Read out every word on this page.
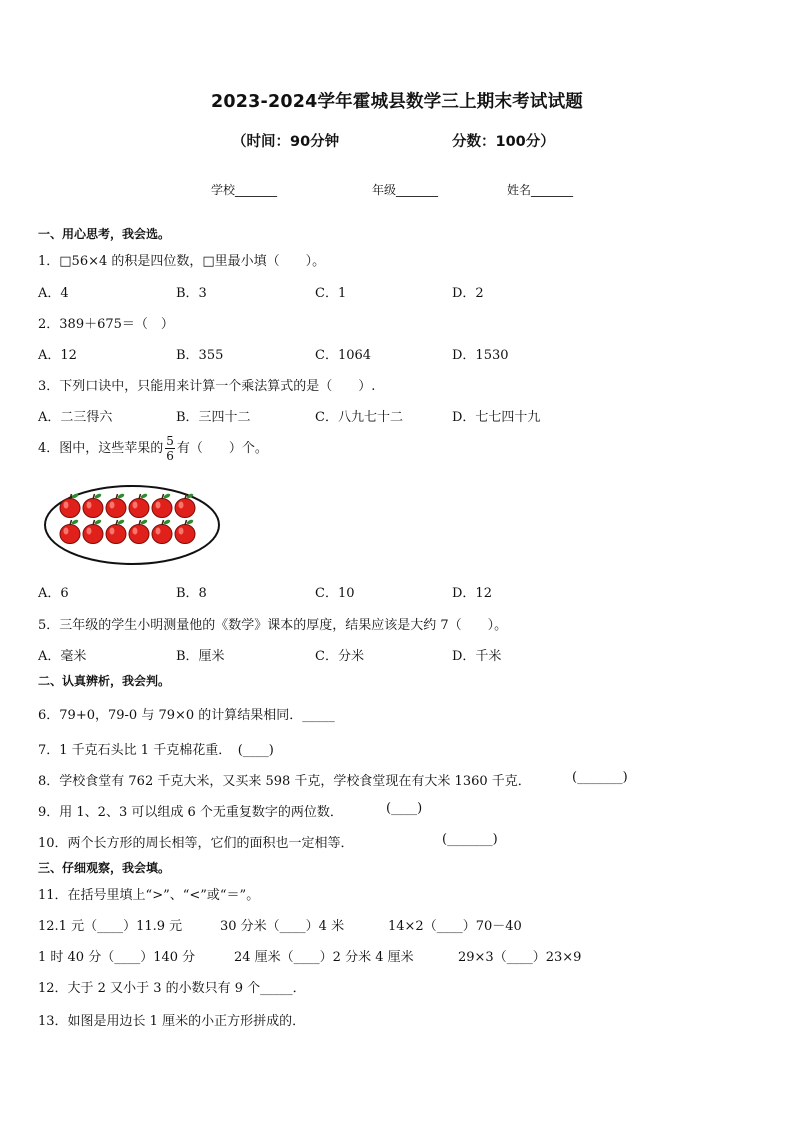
2023-2024学年霍城县数学三上期末考试试题
（时间：90分钟	分数：100分）
学校_______	年级_______	姓名_______
一、用心思考，我会选。
1．□56×4 的积是四位数，□里最小填（　　）。
A．4	B．3	C．1	D．2
2．389＋675＝（　）
A．12	B．355	C．1064	D．1530
3．下列口诀中，只能用来计算一个乘法算式的是（　　）.
A．二三得六	B．三四十二	C．八九七十二	D．七七四十九
4．图中，这些苹果的 $\frac{5}{6}$ 有（　　）个。
A．6	B．8	C．10	D．12
5．三年级的学生小明测量他的《数学》课本的厚度，结果应该是大约 7（　　）。
A．毫米	B．厘米	C．分米	D．千米
二、认真辨析，我会判。
6．79+0，79-0 与 79×0 的计算结果相同．_____
7．1 千克石头比 1 千克棉花重．　(____)
8．学校食堂有 762 千克大米，又买来 598 千克，学校食堂现在有大米 1360 千克．	(_______)
9．用 1、2、3 可以组成 6 个无重复数字的两位数．	(____)
10．两个长方形的周长相等，它们的面积也一定相等．	(_______)
三、仔细观察，我会填。
11．在括号里填上“>”、“<”或“＝”。
12.1 元（____）11.9 元	30 分米（____）4 米	14×2（____）70－40
1 时 40 分（____）140 分	24 厘米（____）2 分米 4 厘米	29×3（____）23×9
12．大于 2 又小于 3 的小数只有 9 个_____．
13．如图是用边长 1 厘米的小正方形拼成的．
